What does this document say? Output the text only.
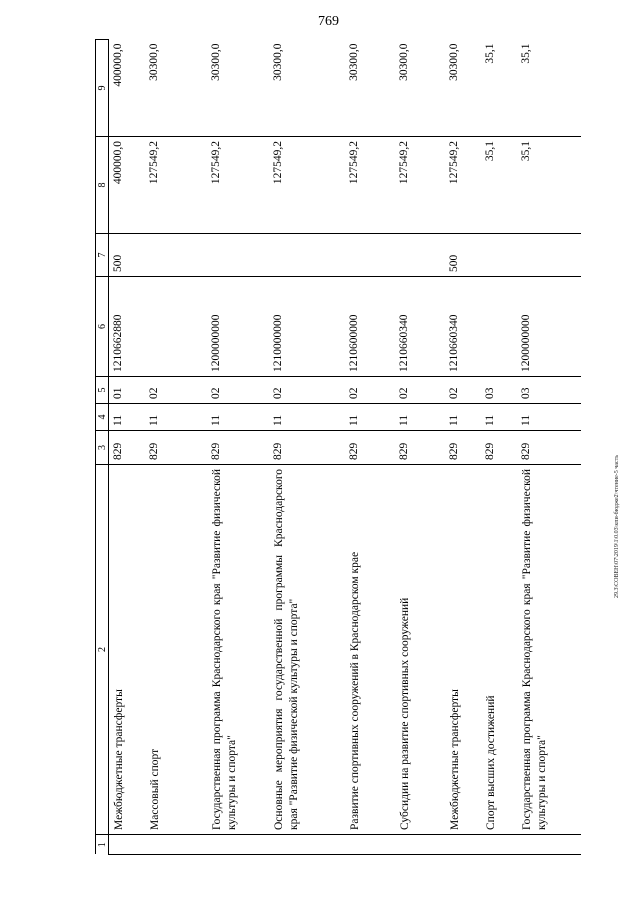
769
29.3\СОВЕН\07\2019\1\0.03\кпи-бюдже2\чтение-5 чаcть
1	2	3	4	5	6	7	8	9
	Межбюджетные трансферты	829	11	01	1210662880	500	400000,0	400000,0
	Массовый спорт	829	11	02			127549,2	30300,0
	Государственная программа Краснодарского края "Развитие физической культуры и спорта"	829	11	02	1200000000		127549,2	30300,0
	Основные мероприятия государственной программы Краснодарского края "Развитие физической культуры и спорта"	829	11	02	1210000000		127549,2	30300,0
	Развитие спортивных сооружений в Краснодарском крае	829	11	02	1210600000		127549,2	30300,0
	Субсидии на развитие спортивных сооружений	829	11	02	1210660340		127549,2	30300,0
	Межбюджетные трансферты	829	11	02	1210660340	500	127549,2	30300,0
	Спорт высших достижений	829	11	03			35,1	35,1
	Государственная программа Краснодарского края "Развитие физической культуры и спорта"	829	11	03	1200000000		35,1	35,1
